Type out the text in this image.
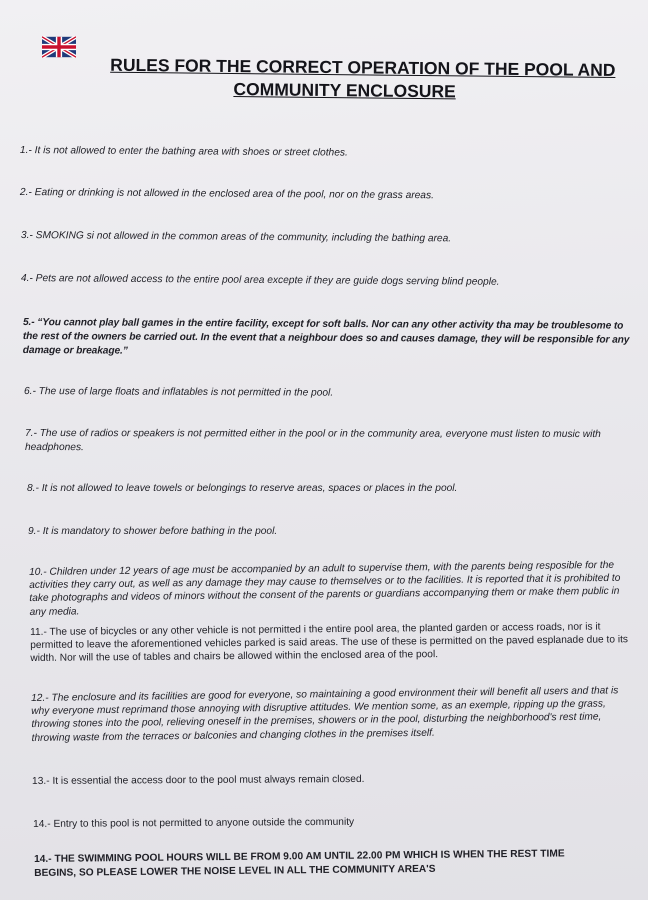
RULES FOR THE CORRECT OPERATION OF THE POOL AND
COMMUNITY ENCLOSURE
1.- It is not allowed to enter the bathing area with shoes or street clothes.
2.- Eating or drinking is not allowed in the enclosed area of the pool, nor on the grass areas.
3.- SMOKING si not allowed in the common areas of the community, including the bathing area.
4.- Pets are not allowed access to the entire pool area excepte if they are guide dogs serving blind people.
5.- “You cannot play ball games in the entire facility, except for soft balls. Nor can any other activity tha may be troublesome to the rest of the owners be carried out. In the event that a neighbour does so and causes damage, they will be responsible for any damage or breakage.”
6.- The use of large floats and inflatables is not permitted in the pool.
7.- The use of radios or speakers is not permitted either in the pool or in the community area, everyone must listen to music with headphones.
8.- It is not allowed to leave towels or belongings to reserve areas, spaces or places in the pool.
9.- It is mandatory to shower before bathing in the pool.
10.- Children under 12 years of age must be accompanied by an adult to supervise them, with the parents being resposible for the activities they carry out, as well as any damage they may cause to themselves or to the facilities. It is reported that it is prohibited to take photographs and videos of minors without the consent of the parents or guardians accompanying them or make them public in any media.
11.- The use of bicycles or any other vehicle is not permitted i the entire pool area, the planted garden or access roads, nor is it permitted to leave the aforementioned vehicles parked is said areas. The use of these is permitted on the paved esplanade due to its width. Nor will the use of tables and chairs be allowed within the enclosed area of the pool.
12.- The enclosure and its facilities are good for everyone, so maintaining a good environment their will benefit all users and that is why everyone must reprimand those annoying with disruptive attitudes. We mention some, as an exemple, ripping up the grass, throwing stones into the pool, relieving oneself in the premises, showers or in the pool, disturbing the neighborhood's rest time, throwing waste from the terraces or balconies and changing clothes in the premises itself.
13.- It is essential the access door to the pool must always remain closed.
14.- Entry to this pool is not permitted to anyone outside the community
14.- THE SWIMMING POOL HOURS WILL BE FROM 9.00 AM UNTIL 22.00 PM WHICH IS WHEN THE REST TIME BEGINS, SO PLEASE LOWER THE NOISE LEVEL IN ALL THE COMMUNITY AREA'S
